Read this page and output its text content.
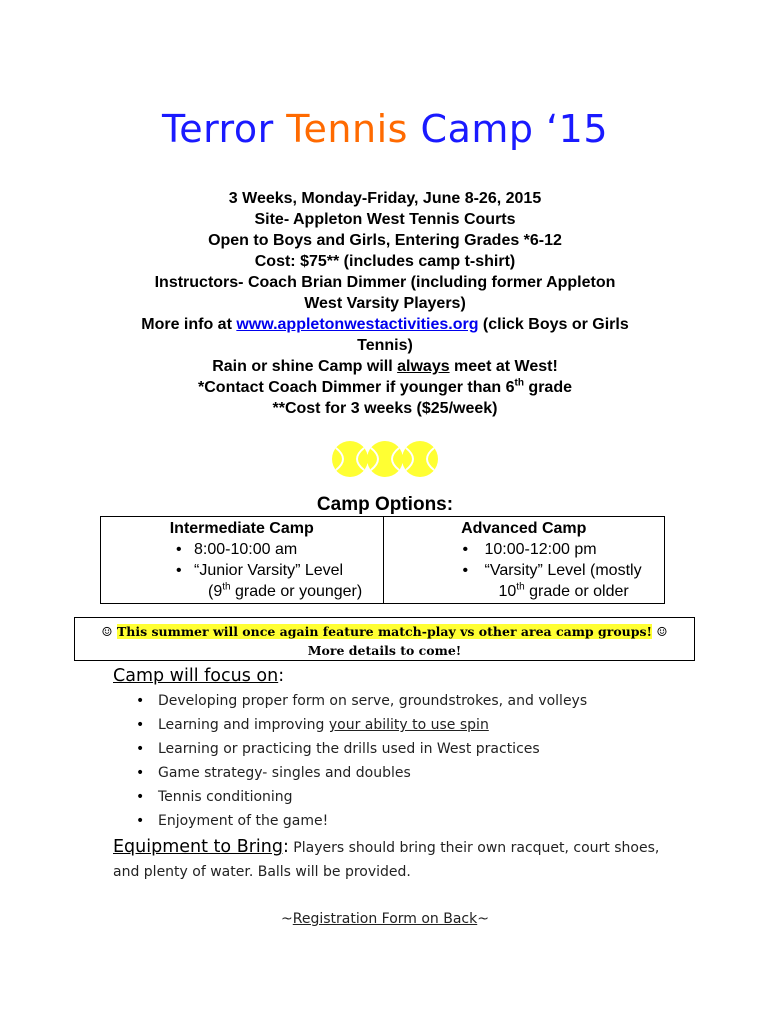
Terror Tennis Camp ‘15
3 Weeks, Monday-Friday, June 8-26, 2015
Site- Appleton West Tennis Courts
Open to Boys and Girls, Entering Grades *6-12
Cost: $75** (includes camp t-shirt)
Instructors- Coach Brian Dimmer (including former Appleton
West Varsity Players)
More info at www.appletonwestactivities.org (click Boys or Girls
Tennis)
Rain or shine Camp will always meet at West!
*Contact Coach Dimmer if younger than 6th grade
**Cost for 3 weeks ($25/week)
Camp Options:
Intermediate Camp
• 8:00-10:00 am
• “Junior Varsity” Level
(9th grade or younger)
Advanced Camp
• 10:00-12:00 pm
• “Varsity” Level (mostly
10th grade or older
☺ This summer will once again feature match-play vs other area camp groups! ☺
More details to come!
Camp will focus on:
• Developing proper form on serve, groundstrokes, and volleys
• Learning and improving your ability to use spin
• Learning or practicing the drills used in West practices
• Game strategy- singles and doubles
• Tennis conditioning
• Enjoyment of the game!
Equipment to Bring: Players should bring their own racquet, court shoes, and plenty of water. Balls will be provided.
~Registration Form on Back~
